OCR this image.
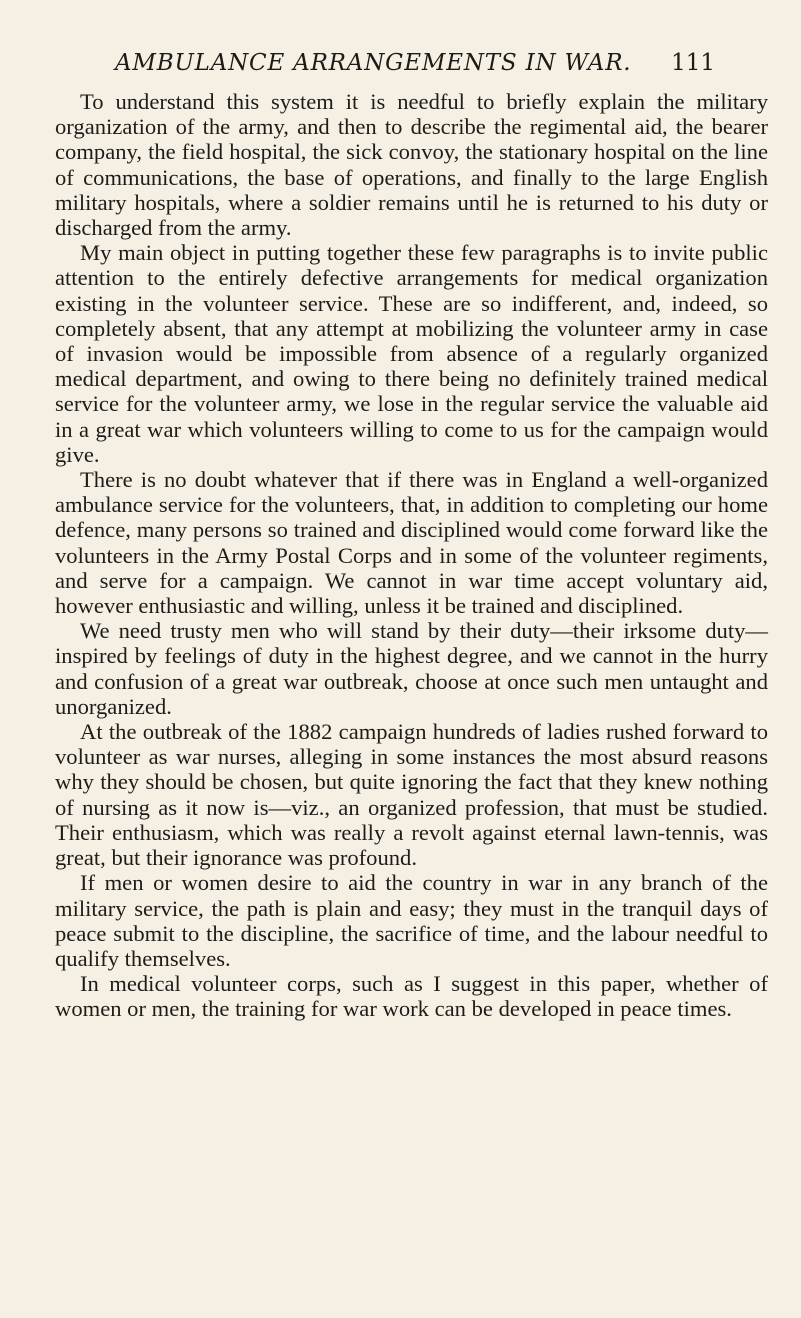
AMBULANCE ARRANGEMENTS IN WAR. 111

To understand this system it is needful to briefly explain the military organization of the army, and then to describe the regimental aid, the bearer company, the field hospital, the sick convoy, the stationary hospital on the line of communications, the base of operations, and finally to the large English military hospitals, where a soldier remains until he is returned to his duty or discharged from the army.

My main object in putting together these few paragraphs is to invite public attention to the entirely defective arrangements for medical organization existing in the volunteer service. These are so indifferent, and, indeed, so completely absent, that any attempt at mobilizing the volunteer army in case of invasion would be impossible from absence of a regularly organized medical department, and owing to there being no definitely trained medical service for the volunteer army, we lose in the regular service the valuable aid in a great war which volunteers willing to come to us for the campaign would give.

There is no doubt whatever that if there was in England a well-organized ambulance service for the volunteers, that, in addition to completing our home defence, many persons so trained and disciplined would come forward like the volunteers in the Army Postal Corps and in some of the volunteer regiments, and serve for a campaign. We cannot in war time accept voluntary aid, however enthusiastic and willing, unless it be trained and disciplined.

We need trusty men who will stand by their duty—their irksome duty—inspired by feelings of duty in the highest degree, and we cannot in the hurry and confusion of a great war outbreak, choose at once such men untaught and unorganized.

At the outbreak of the 1882 campaign hundreds of ladies rushed forward to volunteer as war nurses, alleging in some instances the most absurd reasons why they should be chosen, but quite ignoring the fact that they knew nothing of nursing as it now is—viz., an organized profession, that must be studied. Their enthusiasm, which was really a revolt against eternal lawn-tennis, was great, but their ignorance was profound.

If men or women desire to aid the country in war in any branch of the military service, the path is plain and easy; they must in the tranquil days of peace submit to the discipline, the sacrifice of time, and the labour needful to qualify themselves.

In medical volunteer corps, such as I suggest in this paper, whether of women or men, the training for war work can be developed in peace times.
